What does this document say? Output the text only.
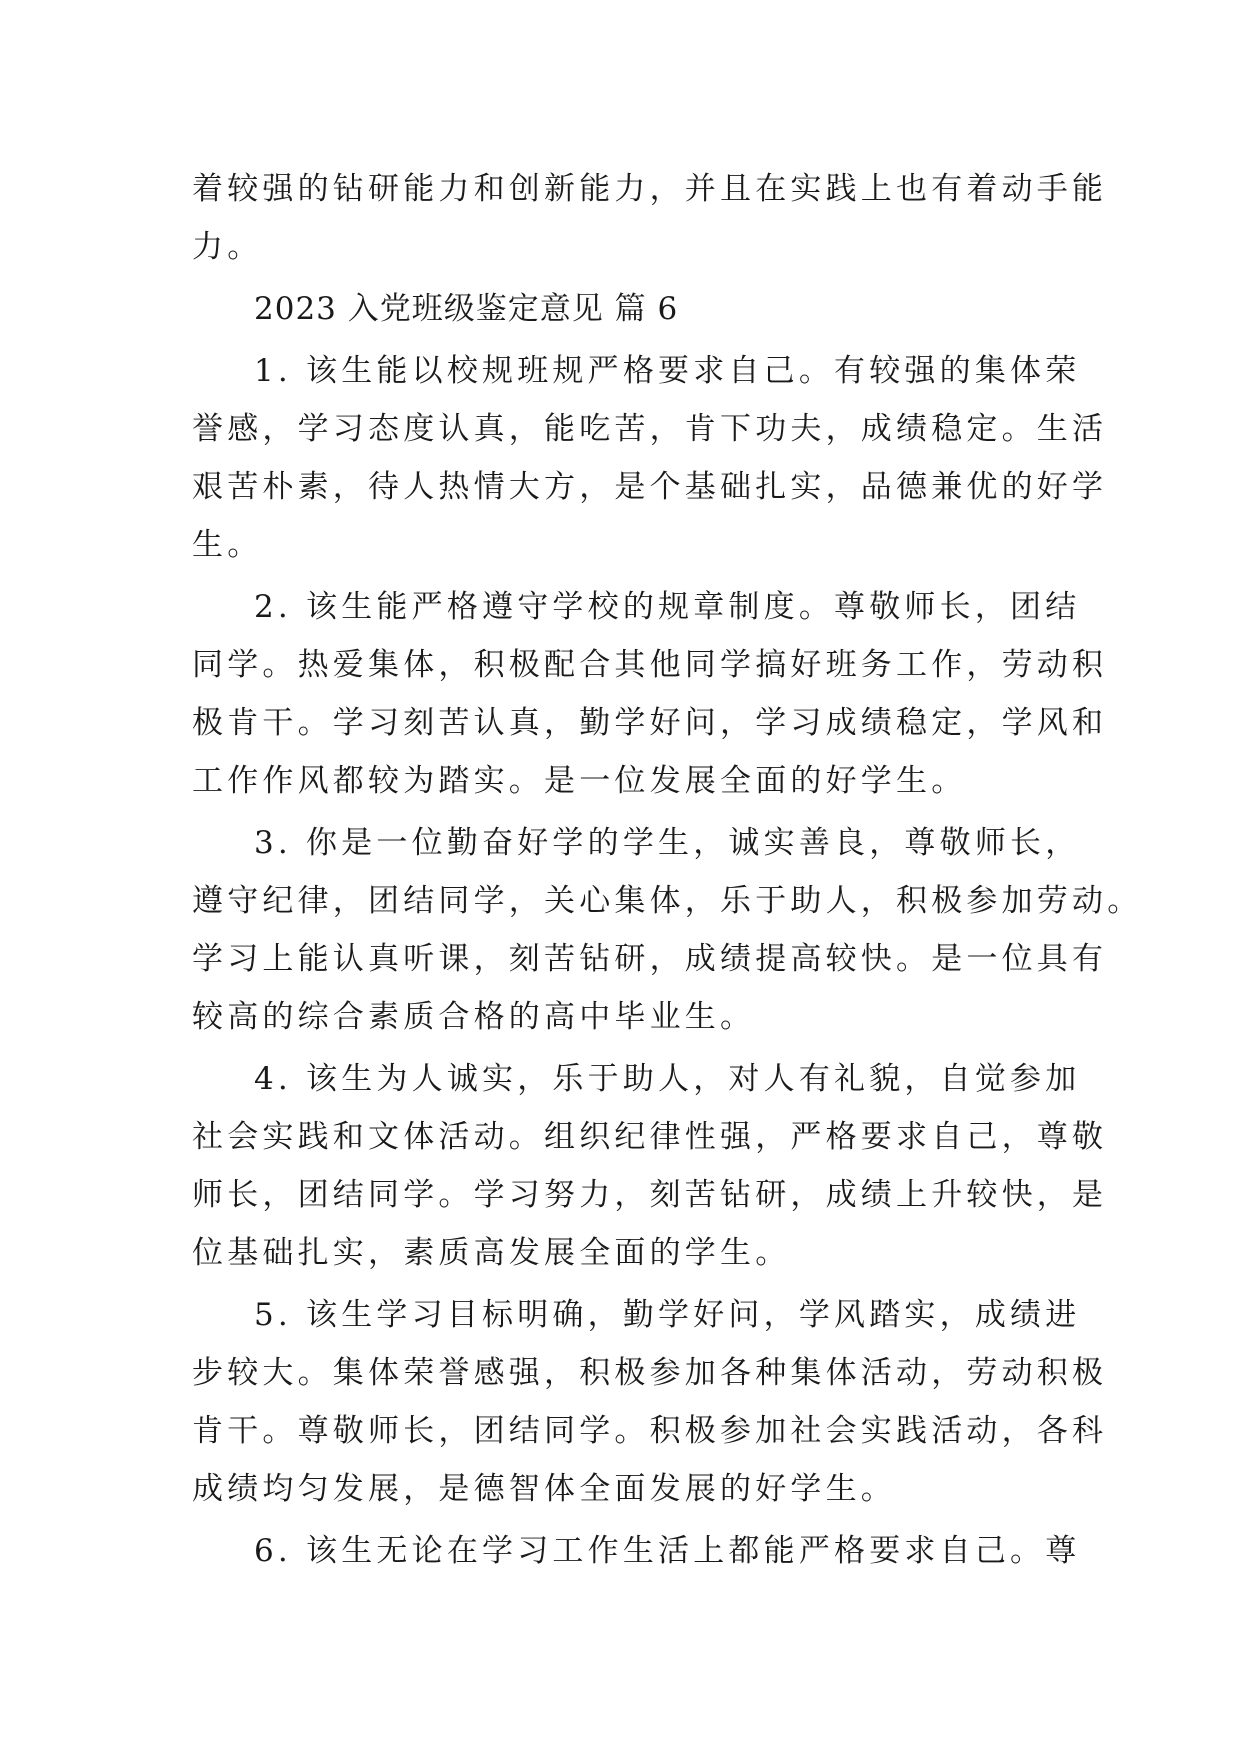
着较强的钻研能力和创新能力，并且在实践上也有着动手能
力。
2023 入党班级鉴定意见 篇 6
1. 该生能以校规班规严格要求自己。有较强的集体荣
誉感，学习态度认真，能吃苦，肯下功夫，成绩稳定。生活
艰苦朴素，待人热情大方，是个基础扎实，品德兼优的好学
生。
2. 该生能严格遵守学校的规章制度。尊敬师长，团结
同学。热爱集体，积极配合其他同学搞好班务工作，劳动积
极肯干。学习刻苦认真，勤学好问，学习成绩稳定，学风和
工作作风都较为踏实。是一位发展全面的好学生。
3. 你是一位勤奋好学的学生，诚实善良，尊敬师长，
遵守纪律，团结同学，关心集体，乐于助人，积极参加劳动。
学习上能认真听课，刻苦钻研，成绩提高较快。是一位具有
较高的综合素质合格的高中毕业生。
4. 该生为人诚实，乐于助人，对人有礼貌，自觉参加
社会实践和文体活动。组织纪律性强，严格要求自己，尊敬
师长，团结同学。学习努力，刻苦钻研，成绩上升较快，是
位基础扎实，素质高发展全面的学生。
5. 该生学习目标明确，勤学好问，学风踏实，成绩进
步较大。集体荣誉感强，积极参加各种集体活动，劳动积极
肯干。尊敬师长，团结同学。积极参加社会实践活动，各科
成绩均匀发展，是德智体全面发展的好学生。
6. 该生无论在学习工作生活上都能严格要求自己。尊
